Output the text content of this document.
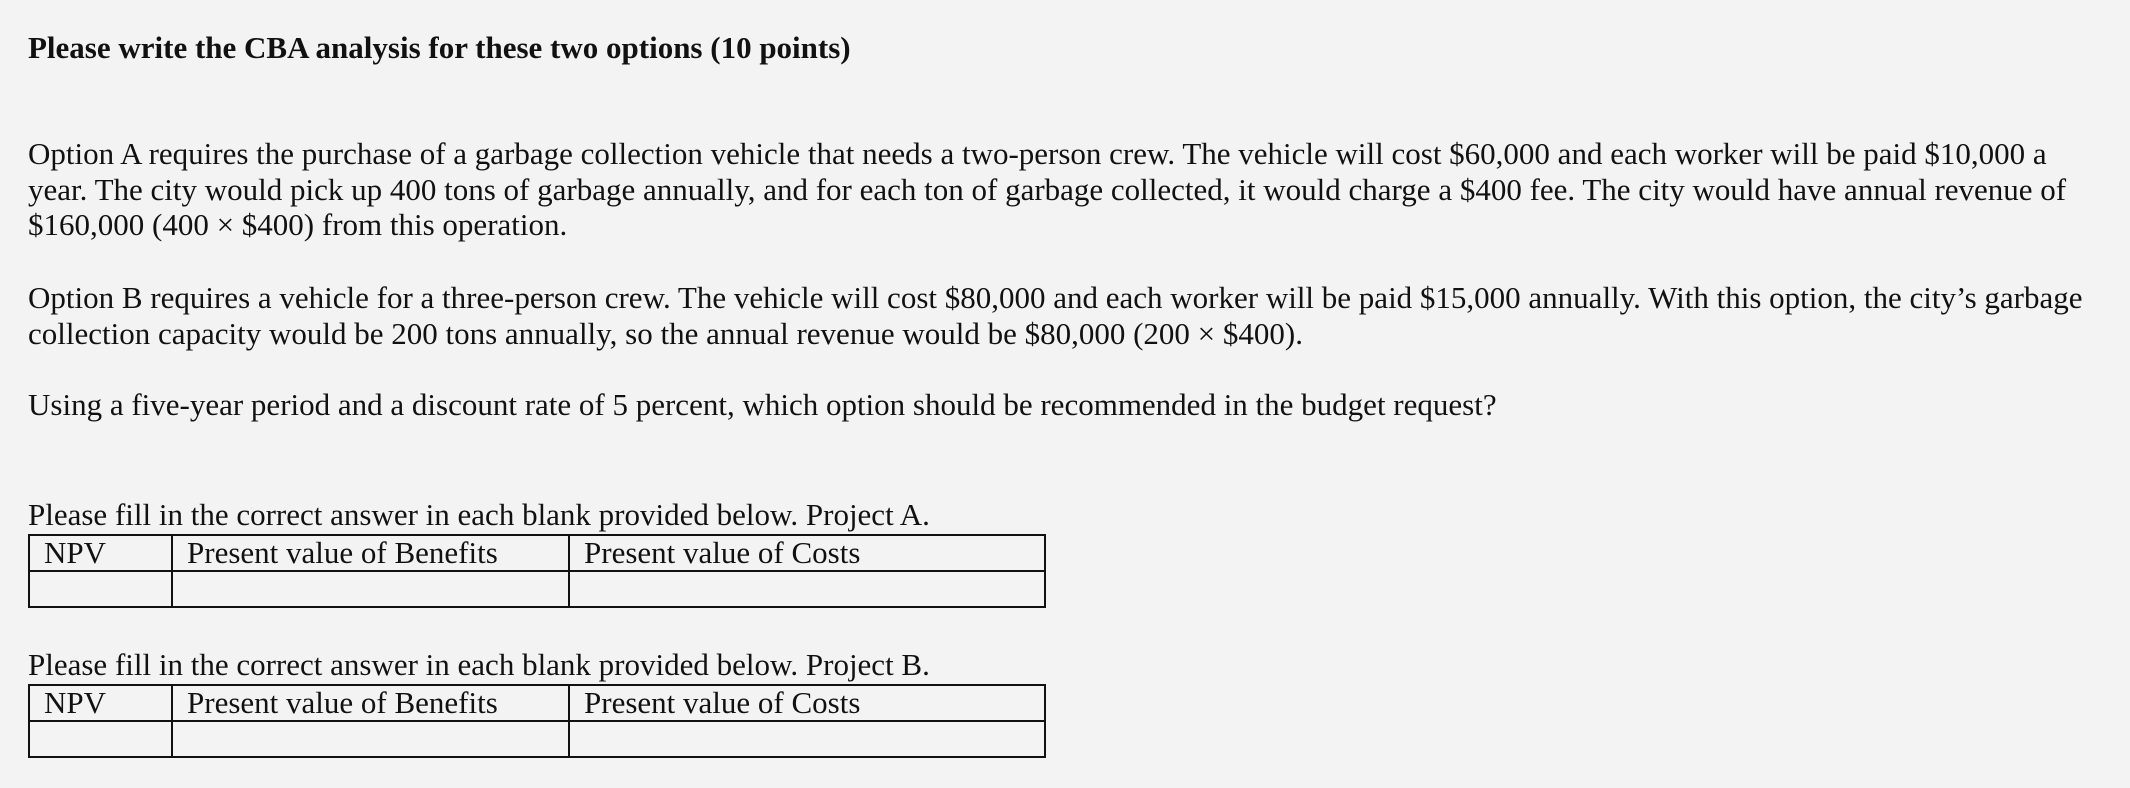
Please write the CBA analysis for these two options (10 points)
Option A requires the purchase of a garbage collection vehicle that needs a two-person crew. The vehicle will cost $60,000 and each worker will be paid $10,000 a year. The city would pick up 400 tons of garbage annually, and for each ton of garbage collected, it would charge a $400 fee. The city would have annual revenue of $160,000 (400 × $400) from this operation.
Option B requires a vehicle for a three-person crew. The vehicle will cost $80,000 and each worker will be paid $15,000 annually. With this option, the city’s garbage collection capacity would be 200 tons annually, so the annual revenue would be $80,000 (200 × $400).
Using a five-year period and a discount rate of 5 percent, which option should be recommended in the budget request?
Please fill in the correct answer in each blank provided below. Project A.
NPV	Present value of Benefits	Present value of Costs

Please fill in the correct answer in each blank provided below. Project B.
NPV	Present value of Benefits	Present value of Costs
